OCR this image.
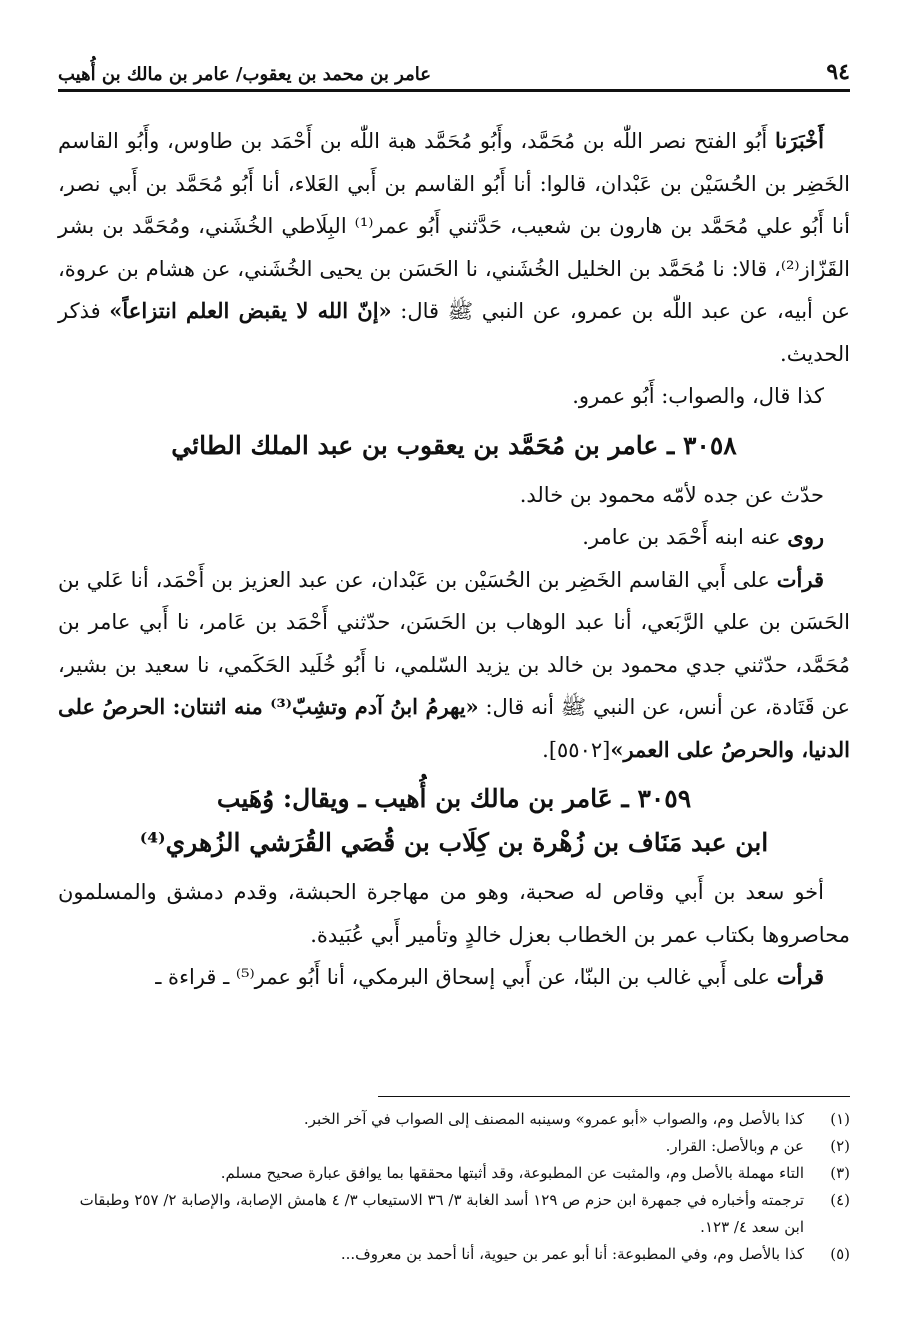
عامر بن محمد بن يعقوب/ عامر بن مالك بن أُهيب	٩٤

أَخْبَرَنا أَبُو الفتح نصر اللّٰه بن مُحَمَّد، وأَبُو مُحَمَّد هبة اللّٰه بن أَحْمَد بن طاوس، وأَبُو القاسم الخَضِر بن الحُسَيْن بن عَبْدان، قالوا: أنا أَبُو القاسم بن أَبي العَلاء، أنا أَبُو مُحَمَّد بن أَبي نصر، أنا أَبُو علي مُحَمَّد بن هارون بن شعيب، حَدَّثني أَبُو عمر⁽¹⁾ البِلَاطي الخُشَني، ومُحَمَّد بن بشر القَزّاز⁽²⁾، قالا: نا مُحَمَّد بن الخليل الخُشَني، نا الحَسَن بن يحيى الخُشَني، عن هشام بن عروة، عن أبيه، عن عبد اللّٰه بن عمرو، عن النبي ﷺ قال: «إنّ الله لا يقبض العلم انتزاعاً» فذكر الحديث.

كذا قال، والصواب: أَبُو عمرو.

٣٠٥٨ ـ عامر بن مُحَمَّد بن يعقوب بن عبد الملك الطائي

حدّث عن جده لأمّه محمود بن خالد.

روى عنه ابنه أَحْمَد بن عامر.

قرأت على أَبي القاسم الخَضِر بن الحُسَيْن بن عَبْدان، عن عبد العزيز بن أَحْمَد، أنا عَلي بن الحَسَن بن علي الرَّبَعي، أنا عبد الوهاب بن الحَسَن، حدّثني أَحْمَد بن عَامر، نا أَبي عامر بن مُحَمَّد، حدّثني جدي محمود بن خالد بن يزيد السّلمي، نا أَبُو خُلَيد الحَكَمي، نا سعيد بن بشير، عن قَتَادة، عن أنس، عن النبي ﷺ أنه قال: «يهرمُ ابنُ آدم وتشِبّ⁽³⁾ منه اثنتان: الحرصُ على الدنيا، والحرصُ على العمر»[٥٥٠٢].

٣٠٥٩ ـ عَامر بن مالك بن أُهيب ـ ويقال: وُهَيب
ابن عبد مَنَاف بن زُهْرة بن كِلَاب بن قُصَي القُرَشي الزُهري⁽⁴⁾

أخو سعد بن أَبي وقاص له صحبة، وهو من مهاجرة الحبشة، وقدم دمشق والمسلمون محاصروها بكتاب عمر بن الخطاب بعزل خالدٍ وتأمير أَبي عُبَيدة.

قرأت على أَبي غالب بن البنّا، عن أَبي إسحاق البرمكي، أنا أَبُو عمر⁽⁵⁾ ـ قراءة ـ

(١)
كذا بالأصل وم، والصواب «أبو عمرو» وسينبه المصنف إلى الصواب في آخر الخبر.
(٢)
عن م وبالأصل: القرار.
(٣)
التاء مهملة بالأصل وم، والمثبت عن المطبوعة، وقد أثبتها محققها بما يوافق عبارة صحيح مسلم.
(٤)
ترجمته وأخباره في جمهرة ابن حزم ص ١٢٩ أسد الغابة ٣/ ٣٦ الاستيعاب ٣/ ٤ هامش الإصابة، والإصابة ٢/ ٢٥٧ وطبقات ابن سعد ٤/ ١٢٣.
(٥)
كذا بالأصل وم، وفي المطبوعة: أنا أبو عمر بن حيوية، أنا أحمد بن معروف...
